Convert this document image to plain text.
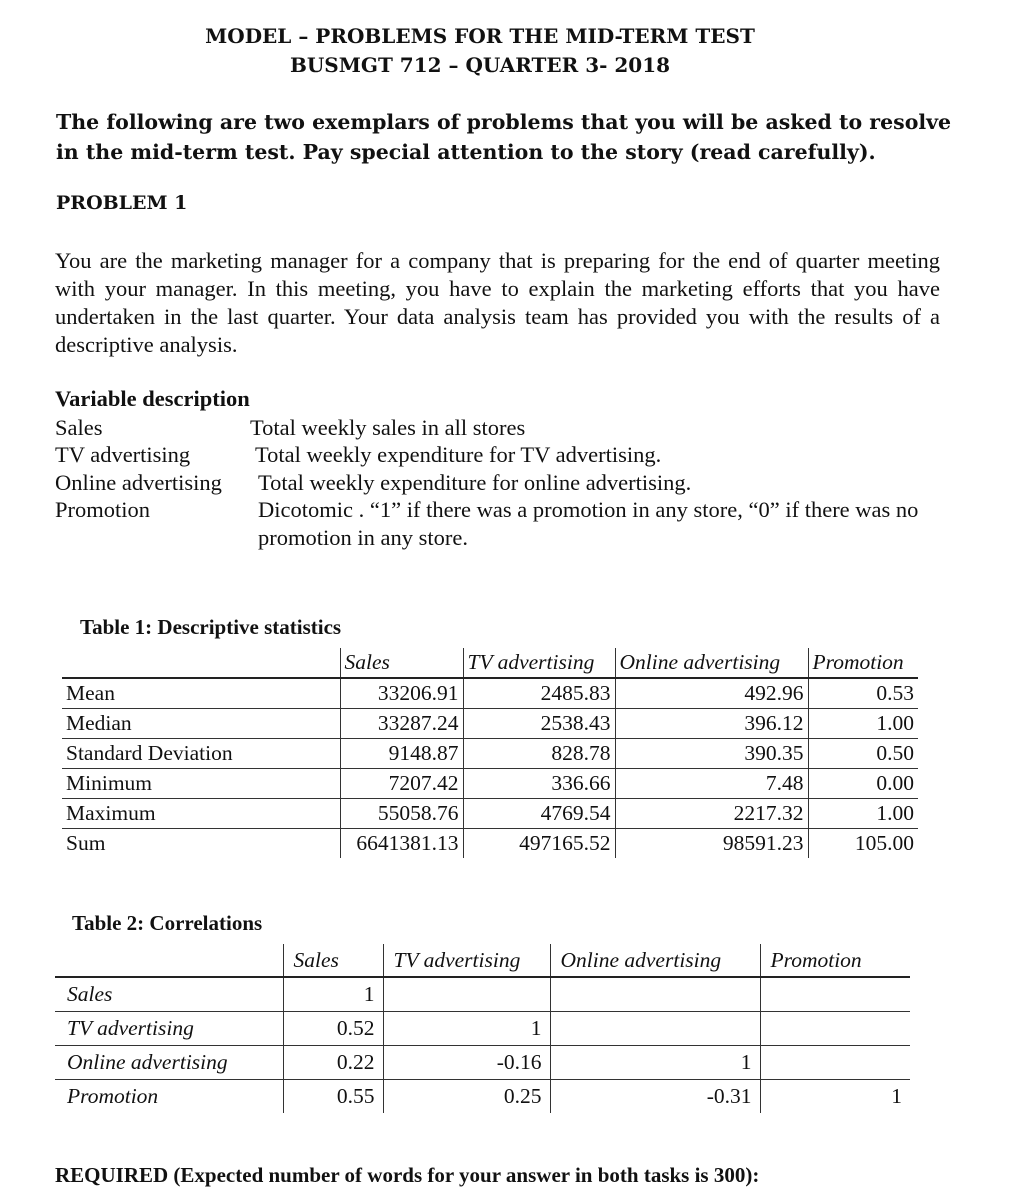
MODEL – PROBLEMS FOR THE MID-TERM TEST
BUSMGT 712 – QUARTER 3- 2018
The following are two exemplars of problems that you will be asked to resolve in the mid-term test. Pay special attention to the story (read carefully).
PROBLEM 1
You are the marketing manager for a company that is preparing for the end of quarter meeting with your manager. In this meeting, you have to explain the marketing efforts that you have undertaken in the last quarter. Your data analysis team has provided you with the results of a descriptive analysis.
Variable description
Sales	Total weekly sales in all stores
TV advertising	Total weekly expenditure for TV advertising.
Online advertising Total weekly expenditure for online advertising.
Promotion	Dicotomic . “1” if there was a promotion in any store, “0” if there was no promotion in any store.
Table 1: Descriptive statistics
	Sales	TV advertising	Online advertising	Promotion
Mean	33206.91	2485.83	492.96	0.53
Median	33287.24	2538.43	396.12	1.00
Standard Deviation	9148.87	828.78	390.35	0.50
Minimum	7207.42	336.66	7.48	0.00
Maximum	55058.76	4769.54	2217.32	1.00
Sum	6641381.13	497165.52	98591.23	105.00
Table 2: Correlations
	Sales	TV advertising	Online advertising	Promotion
Sales	1			
TV advertising	0.52	1		
Online advertising	0.22	-0.16	1	
Promotion	0.55	0.25	-0.31	1
REQUIRED (Expected number of words for your answer in both tasks is 300):
